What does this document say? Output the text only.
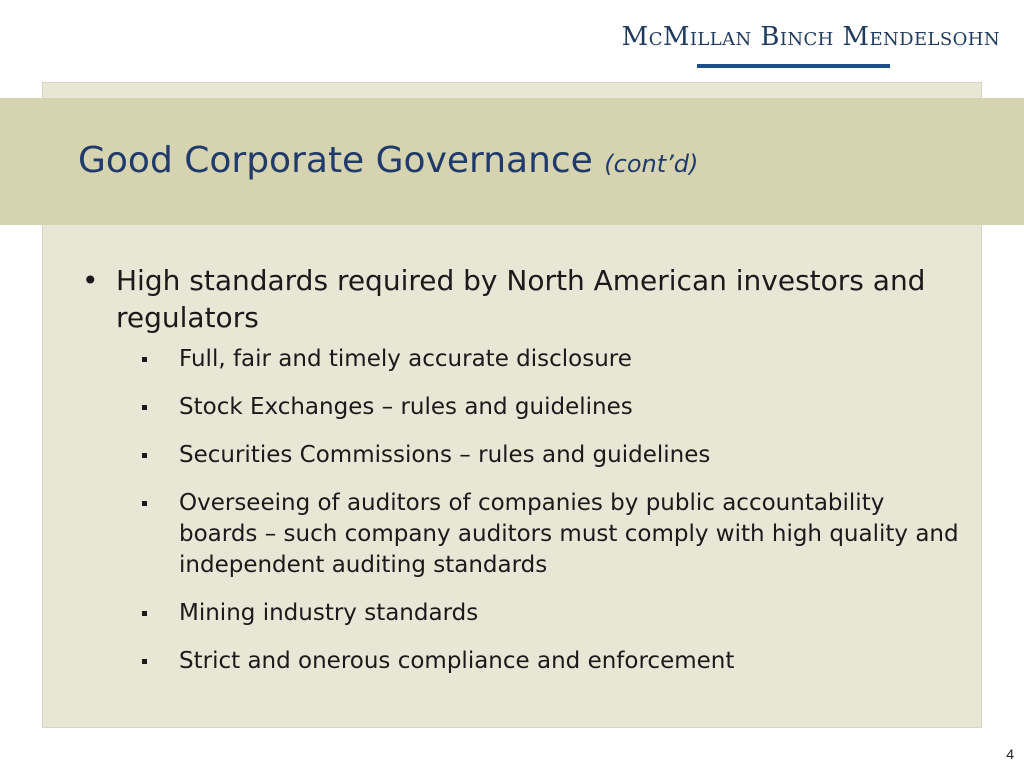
McMillan Binch Mendelsohn
Good Corporate Governance (cont’d)
• High standards required by North American investors and regulators
Full, fair and timely accurate disclosure
Stock Exchanges – rules and guidelines
Securities Commissions – rules and guidelines
Overseeing of auditors of companies by public accountability boards – such company auditors must comply with high quality and independent auditing standards
Mining industry standards
Strict and onerous compliance and enforcement
4
